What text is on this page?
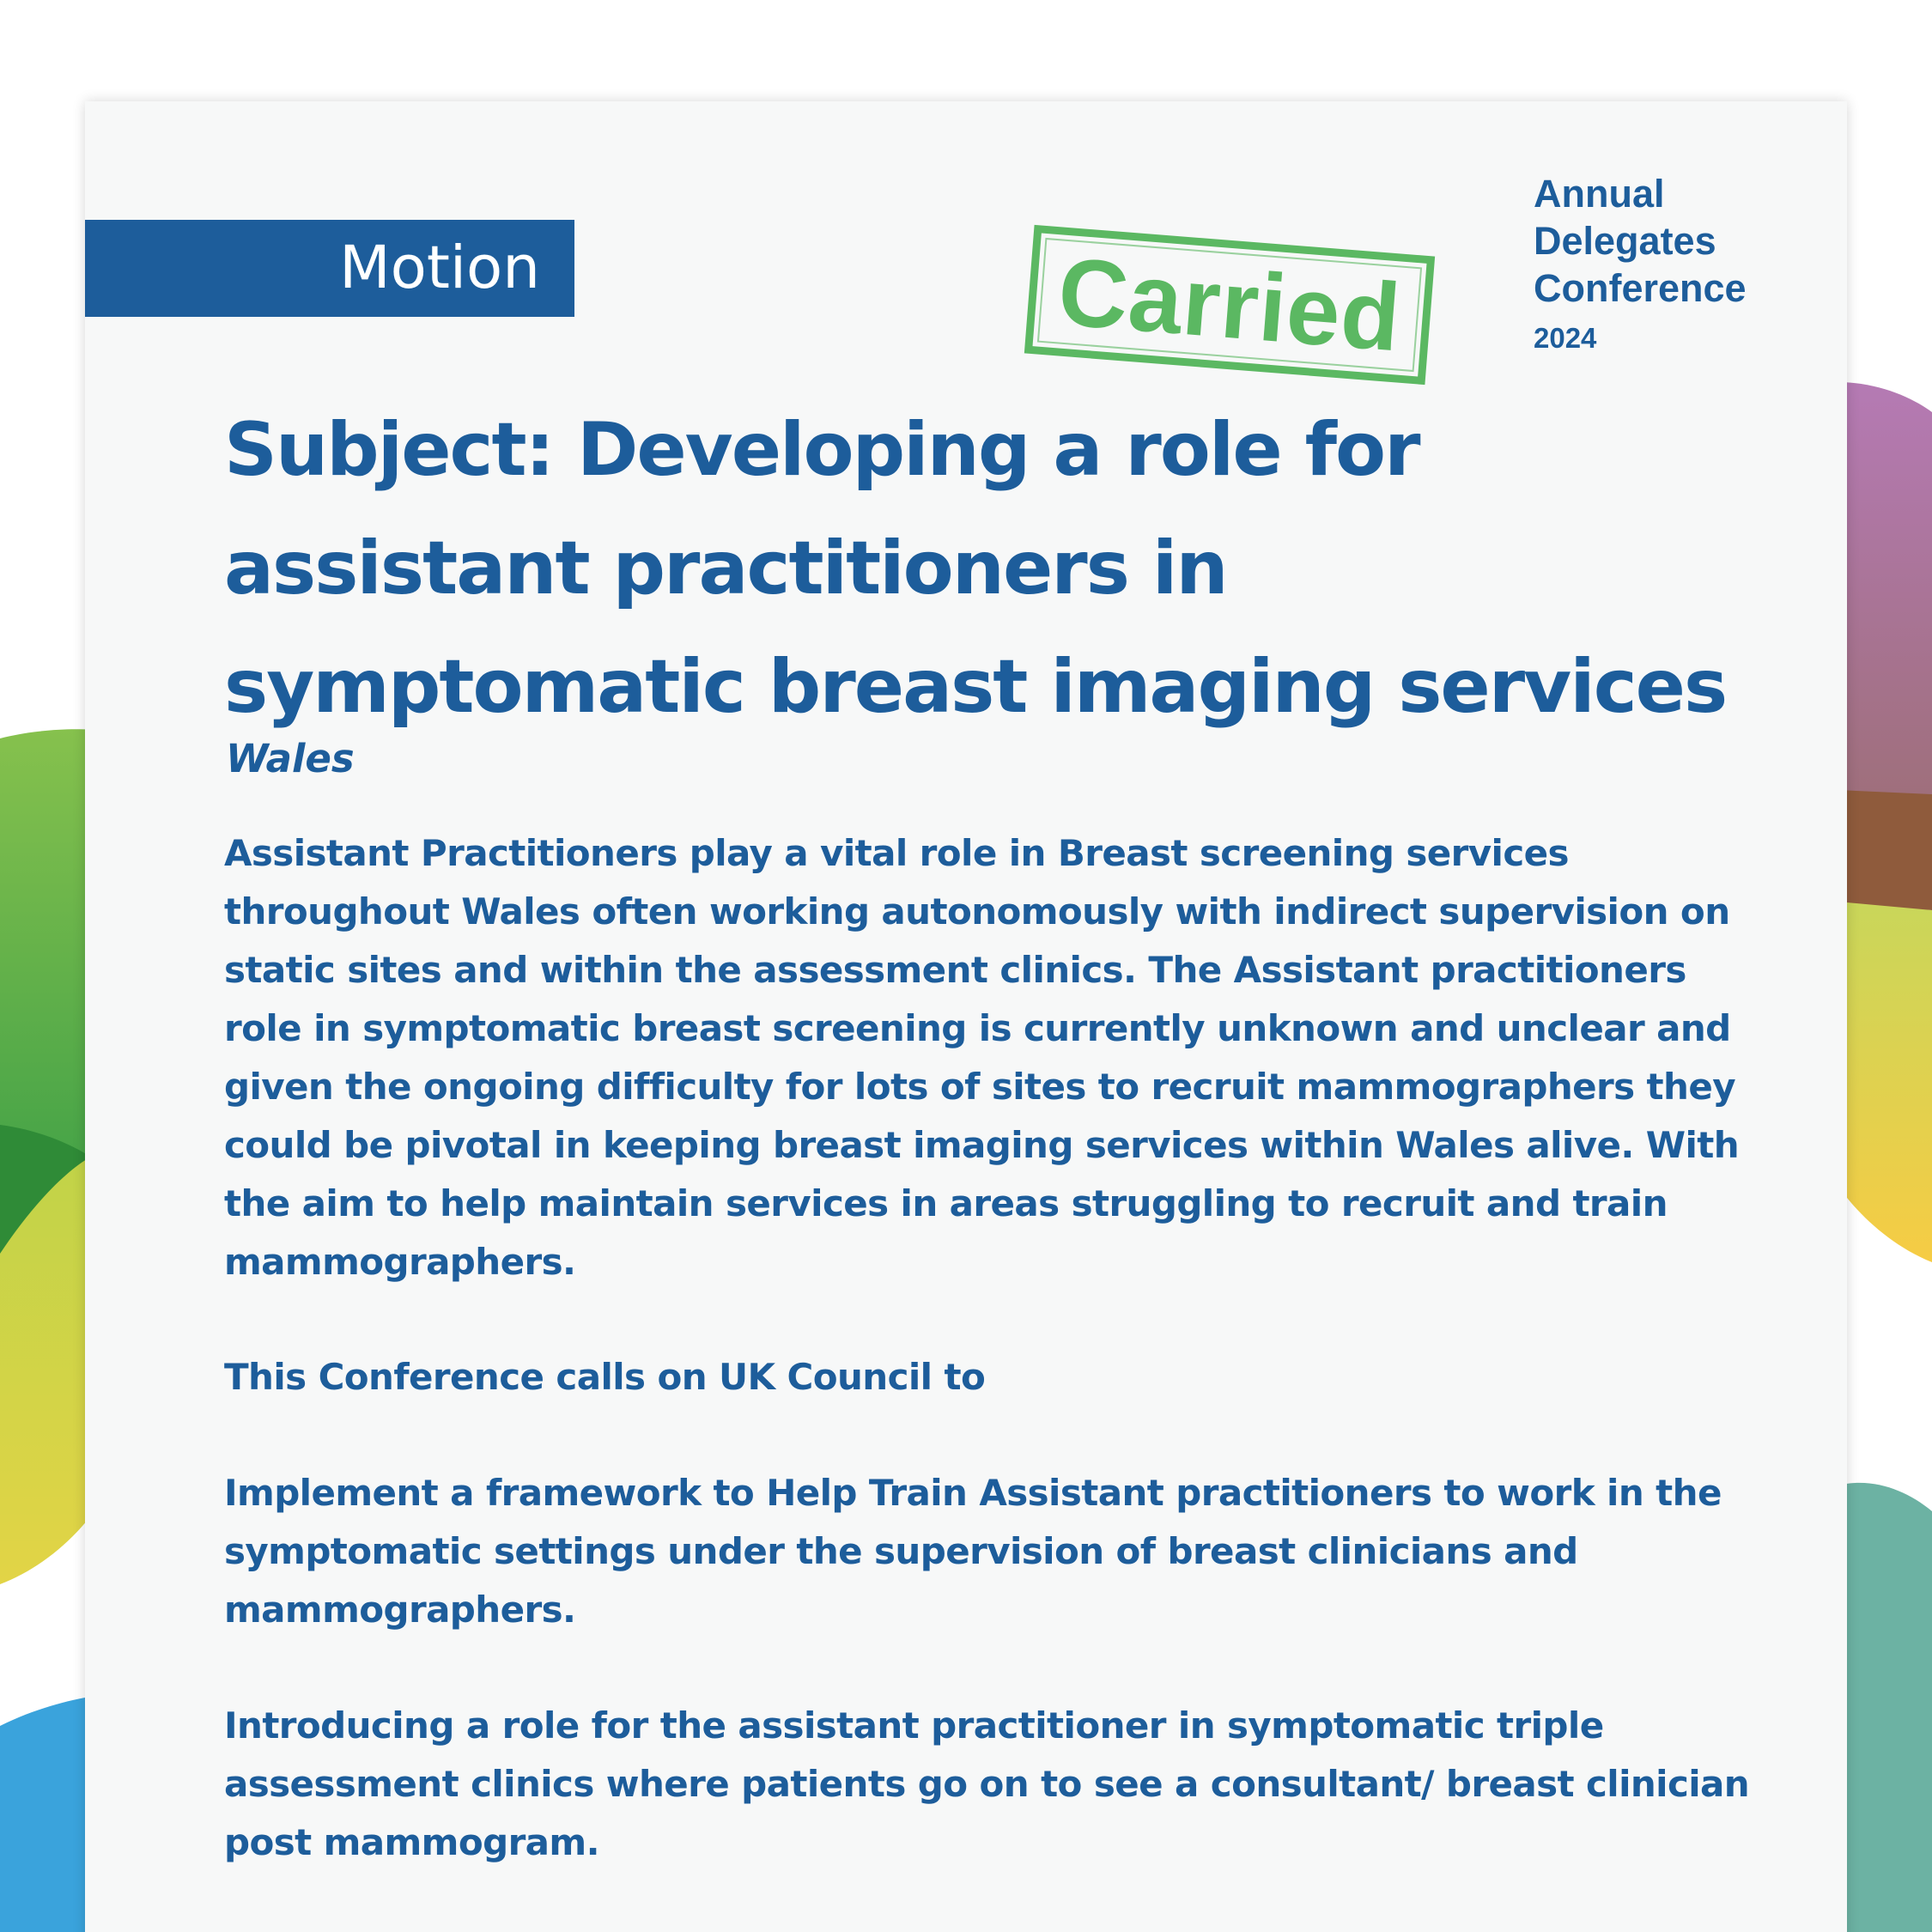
Motion	Carried
Annual
Delegates
Conference
2024
Subject: Developing a role for
assistant practitioners in
symptomatic breast imaging services
Wales

Assistant Practitioners play a vital role in Breast screening services
throughout Wales often working autonomously with indirect supervision on
static sites and within the assessment clinics. The Assistant practitioners
role in symptomatic breast screening is currently unknown and unclear and
given the ongoing difficulty for lots of sites to recruit mammographers they
could be pivotal in keeping breast imaging services within Wales alive. With
the aim to help maintain services in areas struggling to recruit and train
mammographers.

This Conference calls on UK Council to

Implement a framework to Help Train Assistant practitioners to work in the
symptomatic settings under the supervision of breast clinicians and
mammographers.

Introducing a role for the assistant practitioner in symptomatic triple
assessment clinics where patients go on to see a consultant/ breast clinician
post mammogram.
